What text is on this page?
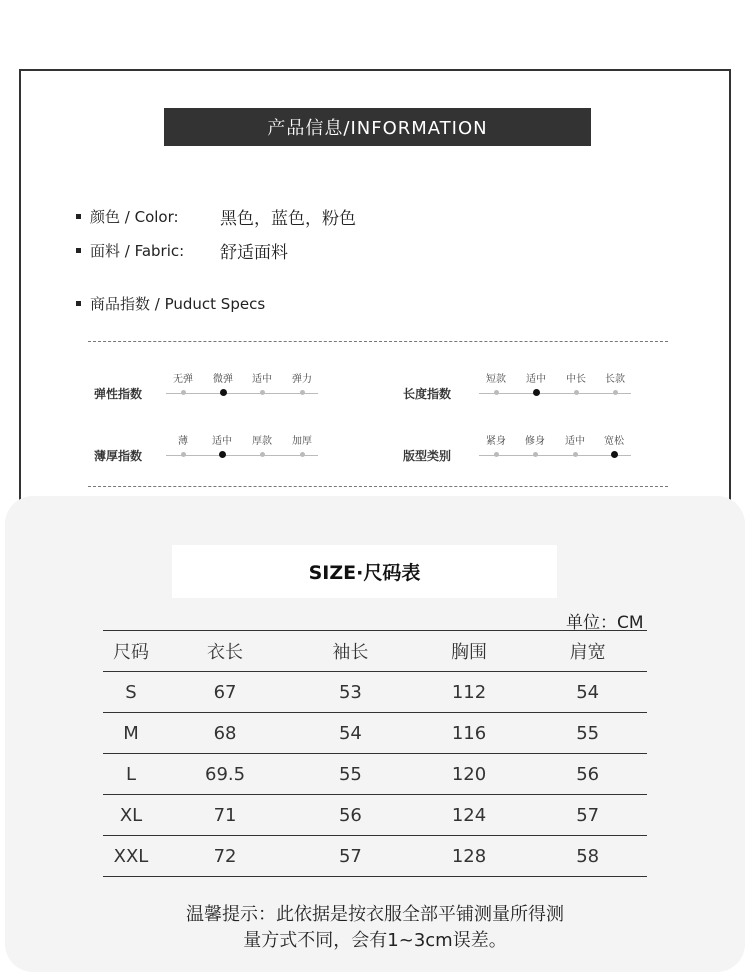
产品信息/INFORMATION
颜色 / Color: 黑色，蓝色，粉色
面料 / Fabric: 舒适面料
商品指数 / Puduct Specs
弹性指数
无弹	微弹	适中	弹力
长度指数
短款	适中	中长	长款
薄厚指数
薄	适中	厚款	加厚
版型类别
紧身	修身	适中	宽松
SIZE·尺码表
单位：CM
尺码	衣长	袖长	胸围	肩宽
S	67	53	112	54
M	68	54	116	55
L	69.5	55	120	56
XL	71	56	124	57
XXL	72	57	128	58
温馨提示：此依据是按衣服全部平铺测量所得测
量方式不同，会有1~3cm误差。
